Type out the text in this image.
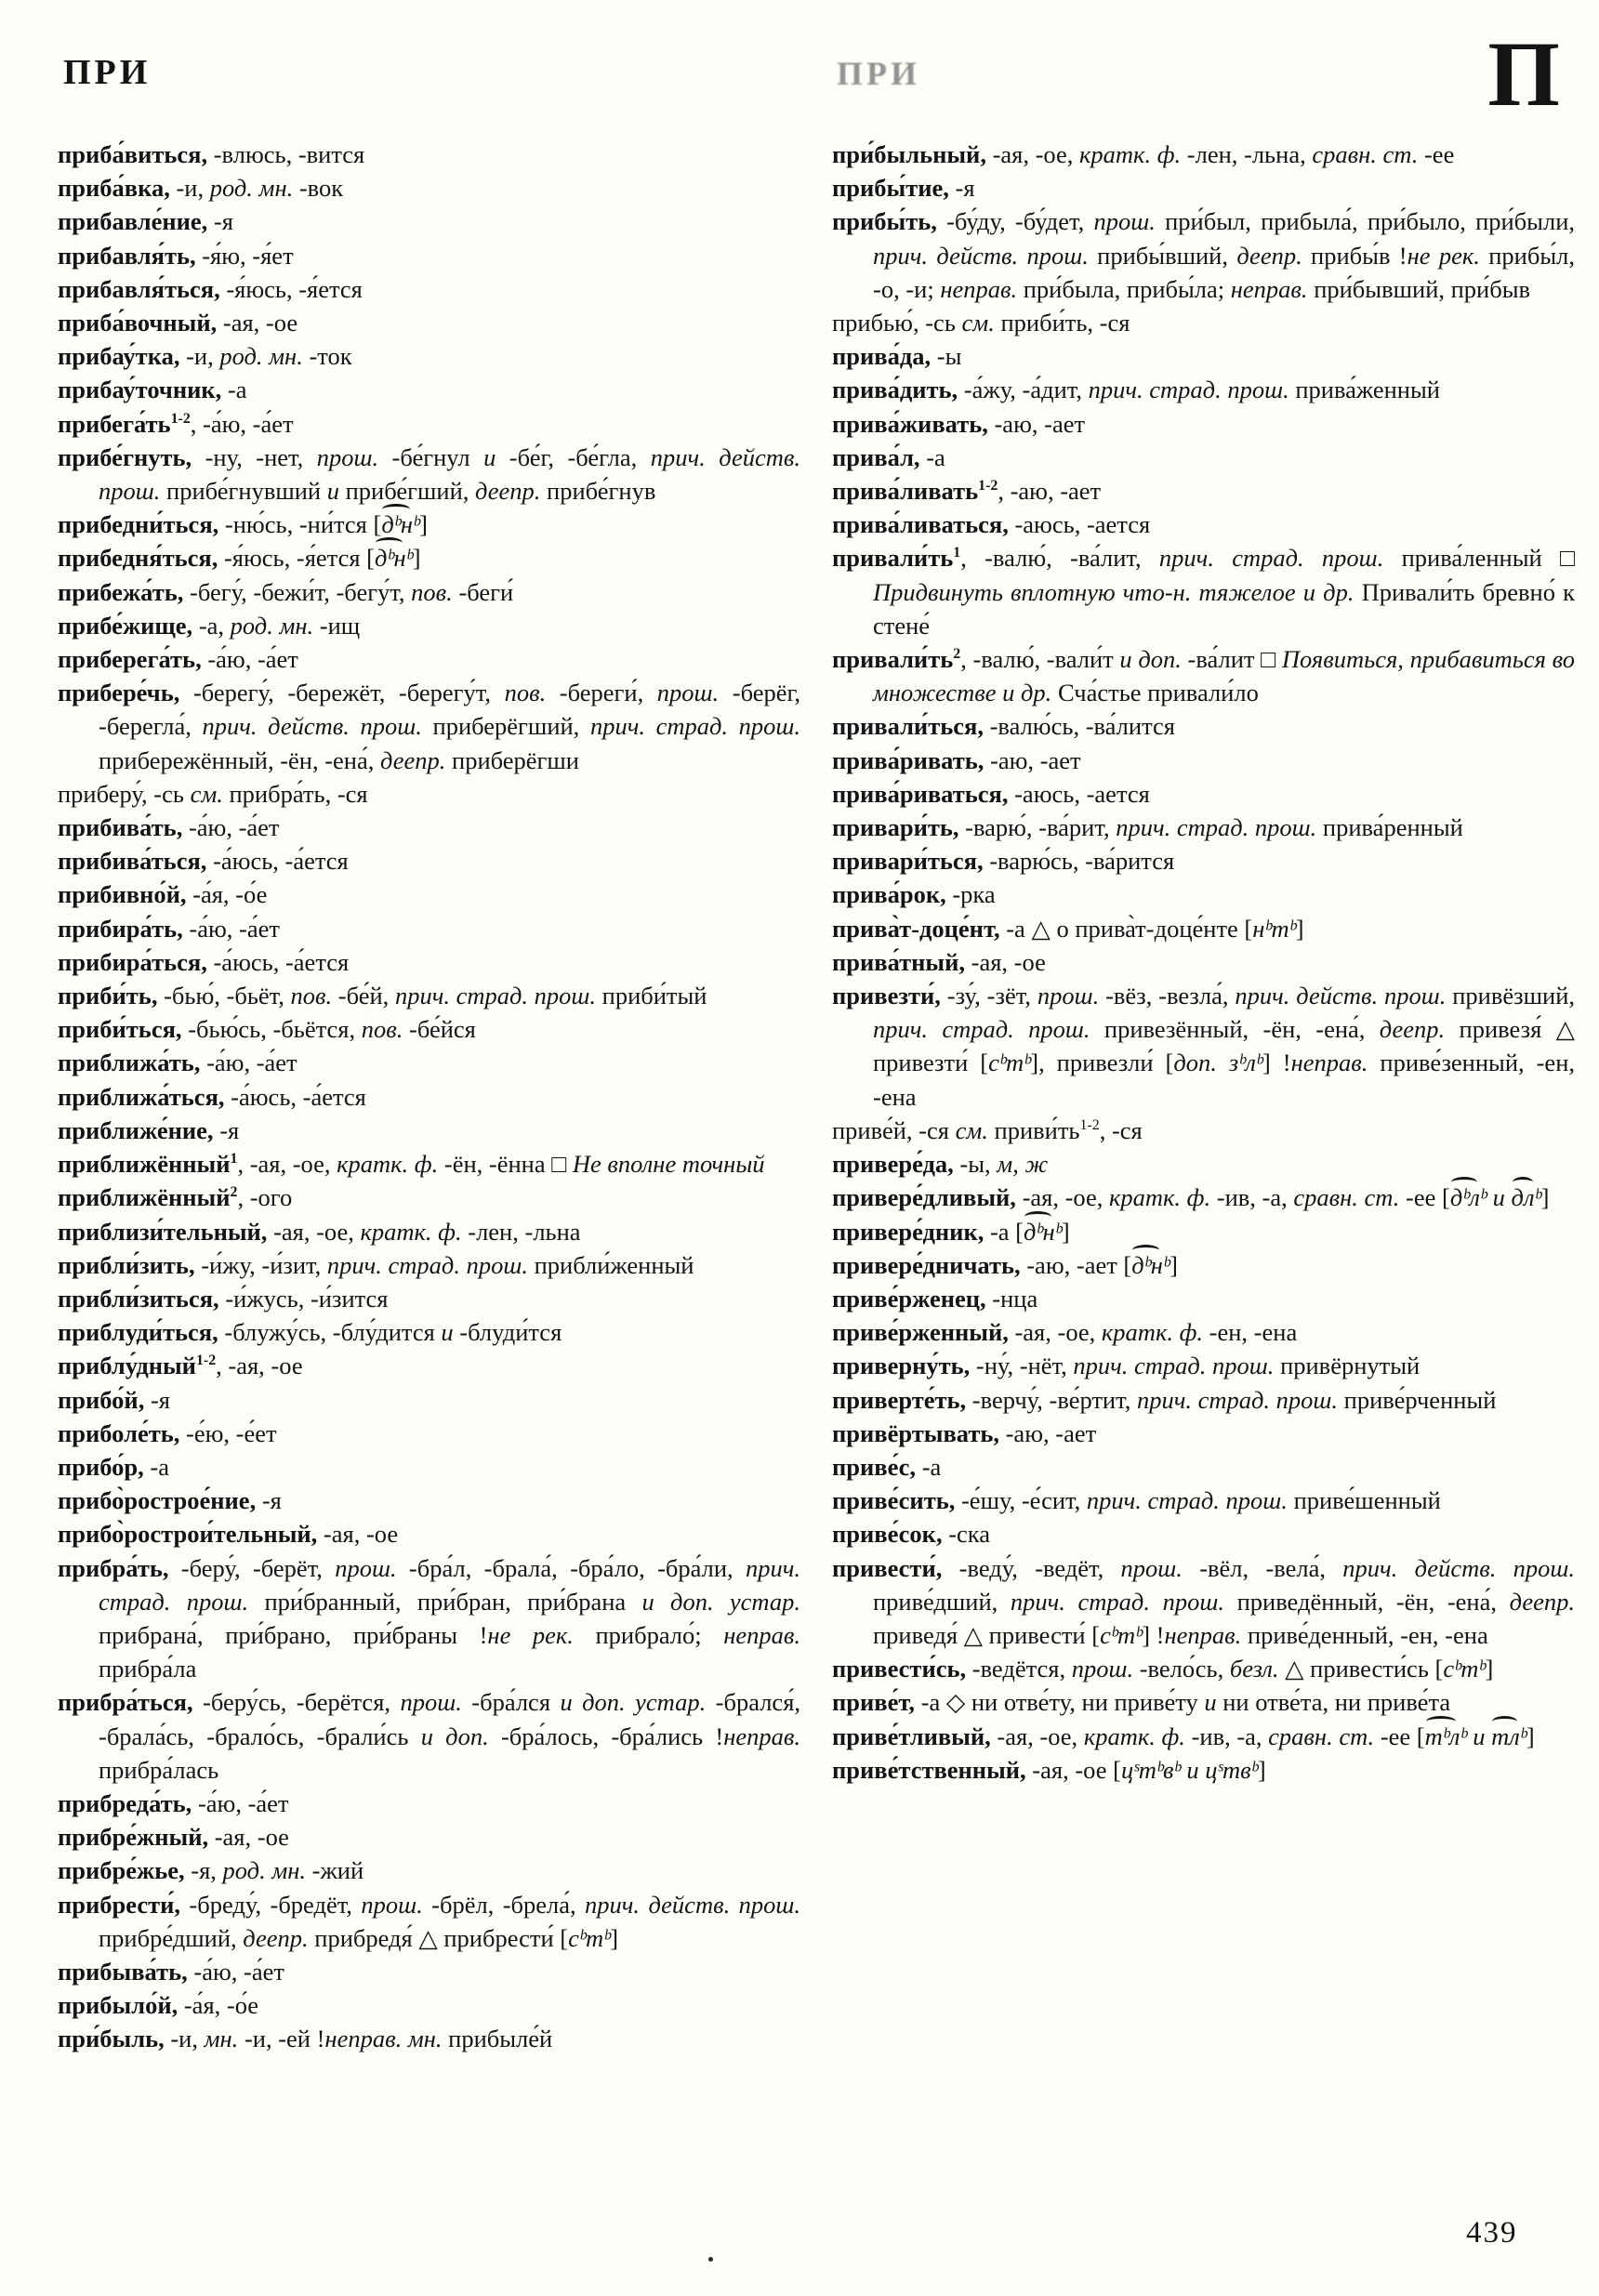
ПРИ	ПРИ	П
приба́виться, -влюсь, -вится
приба́вка, -и, род. мн. -вок
прибавле́ние, -я
прибавля́ть, -я́ю, -я́ет
прибавля́ться, -я́юсь, -я́ется
приба́вочный, -ая, -ое
прибау́тка, -и, род. мн. -ток
прибау́точник, -а
$прибега́ть^{1-2}$, -а́ю, -а́ет
прибе́гнуть, -ну, -нет, прош. -бе́гнул и -бе́г, -бе́гла, прич. действ. прош. прибе́гнувший и прибе́гший, деепр. прибе́гнув
прибедни́ться, -ню́сь, -ни́тся [дᵇнᵇ]
прибедня́ться, -я́юсь, -я́ется [дᵇнᵇ]
прибежа́ть, -бегу́, -бежи́т, -бегу́т, пов. -беги́
прибе́жище, -а, род. мн. -ищ
приберега́ть, -а́ю, -а́ет
прибере́чь, -берегу́, -бережёт, -берегу́т, пов. -береги́, прош. -берёг, -берегла́, прич. действ. прош. приберёгший, прич. страд. прош. прибережённый, -ён, -ена́, деепр. приберёгши
приберу́, -сь см. прибра́ть, -ся
прибива́ть, -а́ю, -а́ет
прибива́ться, -а́юсь, -а́ется
прибивно́й, -а́я, -о́е
прибира́ть, -а́ю, -а́ет
прибира́ться, -а́юсь, -а́ется
приби́ть, -бью́, -бьёт, пов. -бе́й, прич. страд. прош. приби́тый
приби́ться, -бью́сь, -бьётся, пов. -бе́йся
приближа́ть, -а́ю, -а́ет
приближа́ться, -а́юсь, -а́ется
приближе́ние, -я
приближённый$^1$, -ая, -ое, кратк. ф. -ён, -ённа □ Не вполне точный
приближённый$^2$, -ого
приблизи́тельный, -ая, -ое, кратк. ф. -лен, -льна
прибли́зить, -и́жу, -и́зит, прич. страд. прош. прибли́женный
прибли́зиться, -и́жусь, -и́зится
приблуди́ться, -блужу́сь, -блу́дится и -блуди́тся
приблу́дный$^{1-2}$, -ая, -ое
прибо́й, -я
приболе́ть, -е́ю, -е́ет
прибо́р, -а
прибо̀рострое́ние, -я
прибо̀рострои́тельный, -ая, -ое
прибра́ть, -беру́, -берёт, прош. -бра́л, -брала́, -бра́ло, -бра́ли, прич. страд. прош. при́бранный, при́бран, при́брана и доп. устар. прибрана́, при́брано, при́браны !не рек. прибрало́; неправ. прибра́ла
прибра́ться, -беру́сь, -берётся, прош. -бра́лся и доп. устар. -брался́, -брала́сь, -брало́сь, -брали́сь и доп. -бра́лось, -бра́лись !неправ. прибра́лась
прибреда́ть, -а́ю, -а́ет
прибре́жный, -ая, -ое
прибре́жье, -я, род. мн. -жий
прибрести́, -бреду́, -бредёт, прош. -брёл, -брела́, прич. действ. прош. прибре́дший, деепр. прибредя́ △ прибрести́ [сᵇтᵇ]
прибыва́ть, -а́ю, -а́ет
прибыло́й, -а́я, -о́е
при́быль, -и, мн. -и, -ей !неправ. мн. прибыле́й
при́быльный, -ая, -ое, кратк. ф. -лен, -льна, сравн. ст. -ее
прибы́тие, -я
прибы́ть, -бу́ду, -бу́дет, прош. при́был, прибыла́, при́было, при́были, прич. действ. прош. прибы́вший, деепр. прибы́в !не рек. прибы́л, -о, -и; неправ. при́была, прибы́ла; неправ. при́бывший, при́быв
прибью́, -сь см. приби́ть, -ся
прива́да, -ы
прива́дить, -а́жу, -а́дит, прич. страд. прош. прива́женный
прива́живать, -аю, -ает
прива́л, -а
прива́ливать$^{1-2}$, -аю, -ает
прива́ливаться, -аюсь, -ается
$привали́ть^1$, -валю́, -ва́лит, прич. страд. прош. прива́ленный □ Придвинуть вплотную что-н. тяжелое и др. Привали́ть бревно́ к стене́
$привали́ть^2$, -валю́, -вали́т и доп. -ва́лит □ Появиться, прибавиться во множестве и др. Сча́стье привали́ло
привали́ться, -валю́сь, -ва́лится
прива́ривать, -аю, -ает
прива́риваться, -аюсь, -ается
привари́ть, -варю́, -ва́рит, прич. страд. прош. прива́ренный
привари́ться, -варю́сь, -ва́рится
прива́рок, -рка
прива̀т-доце́нт, -а △ о прива̀т-доце́нте [нᵇтᵇ]
прива́тный, -ая, -ое
привезти́, -зу́, -зёт, прош. -вёз, -везла́, прич. действ. прош. привёзший, прич. страд. прош. привезённый, -ён, -ена́, деепр. привезя́ △ привезти́ [сᵇтᵇ], привезли́ [доп. зᵇлᵇ] !неправ. приве́зенный, -ен, -ена
приве́й, -ся см. $приви́ть^{1-2}$, -ся
привере́да, -ы, м, ж
привере́дливый, -ая, -ое, кратк. ф. -ив, -а, сравн. ст. -ее [дᵇлᵇ и длᵇ]
привере́дник, -а [дᵇнᵇ]
привере́дничать, -аю, -ает [дᵇнᵇ]
приве́рженец, -нца
приве́рженный, -ая, -ое, кратк. ф. -ен, -ена
приверну́ть, -ну́, -нёт, прич. страд. прош. привёрнутый
приверте́ть, -верчу́, -ве́ртит, прич. страд. прош. приве́рченный
привёртывать, -аю, -ает
приве́с, -а
приве́сить, -е́шу, -е́сит, прич. страд. прош. приве́шенный
приве́сок, -ска
привести́, -веду́, -ведёт, прош. -вёл, -вела́, прич. действ. прош. приве́дший, прич. страд. прош. приведённый, -ён, -ена́, деепр. приведя́ △ привести́ [сᵇтᵇ] !неправ. приве́денный, -ен, -ена
привести́сь, -ведётся, прош. -вело́сь, безл. △ привести́сь [сᵇтᵇ]
приве́т, -а ◇ ни отве́ту, ни приве́ту и ни отве́та, ни приве́та
приве́тливый, -ая, -ое, кратк. ф. -ив, -а, сравн. ст. -ее [тᵇлᵇ и тлᵇ]
приве́тственный, -ая, -ое [цˢтᵇвᵇ и цˢтвᵇ]
439
